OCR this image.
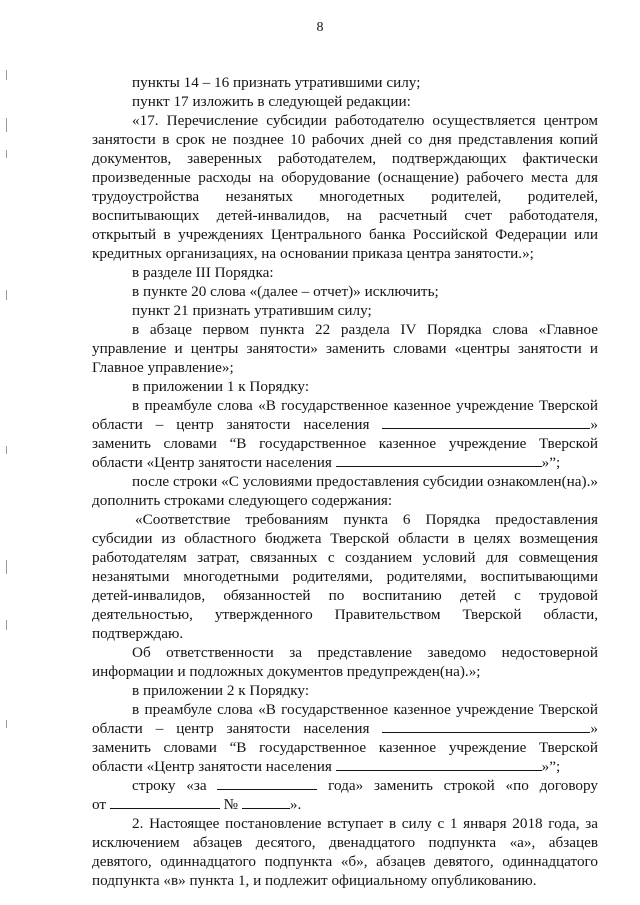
8

пункты 14 – 16 признать утратившими силу;

пункт 17 изложить в следующей редакции:

«17. Перечисление субсидии работодателю осуществляется центром

занятости в срок не позднее 10 рабочих дней со дня представления копий

документов, заверенных работодателем, подтверждающих фактически

произведенные расходы на оборудование (оснащение) рабочего места для

трудоустройства незанятых многодетных родителей, родителей,

воспитывающих детей-инвалидов, на расчетный счет работодателя,

открытый в учреждениях Центрального банка Российской Федерации или

кредитных организациях, на основании приказа центра занятости.»;

в разделе III Порядка:

в пункте 20 слова «(далее – отчет)» исключить;

пункт 21 признать утратившим силу;

в абзаце первом пункта 22 раздела IV Порядка слова «Главное

управление и центры занятости» заменить словами «центры занятости и

Главное управление»;

в приложении 1 к Порядку:

в преамбуле слова «В государственное казенное учреждение Тверской

области – центр занятости населения	»

заменить словами “В государственное казенное учреждение Тверской

области «Центр занятости населения	»”;

после строки «С условиями предоставления субсидии ознакомлен(на).»

дополнить строками следующего содержания:

«Соответствие требованиям пункта 6 Порядка предоставления

субсидии из областного бюджета Тверской области в целях возмещения

работодателям затрат, связанных с созданием условий для совмещения

незанятыми многодетными родителями, родителями, воспитывающими

детей-инвалидов, обязанностей по воспитанию детей с трудовой

деятельностью, утвержденного Правительством Тверской области,

подтверждаю.

Об ответственности за представление заведомо недостоверной

информации и подложных документов предупрежден(на).»;

в приложении 2 к Порядку:

в преамбуле слова «В государственное казенное учреждение Тверской

области – центр занятости населения	»

заменить словами “В государственное казенное учреждение Тверской

области «Центр занятости населения	»”;

строку «за	года» заменить строкой «по договору

от	№	».

2. Настоящее постановление вступает в силу с 1 января 2018 года, за

исключением абзацев десятого, двенадцатого подпункта «а», абзацев

девятого, одиннадцатого подпункта «б», абзацев девятого, одиннадцатого

подпункта «в» пункта 1, и подлежит официальному опубликованию.
